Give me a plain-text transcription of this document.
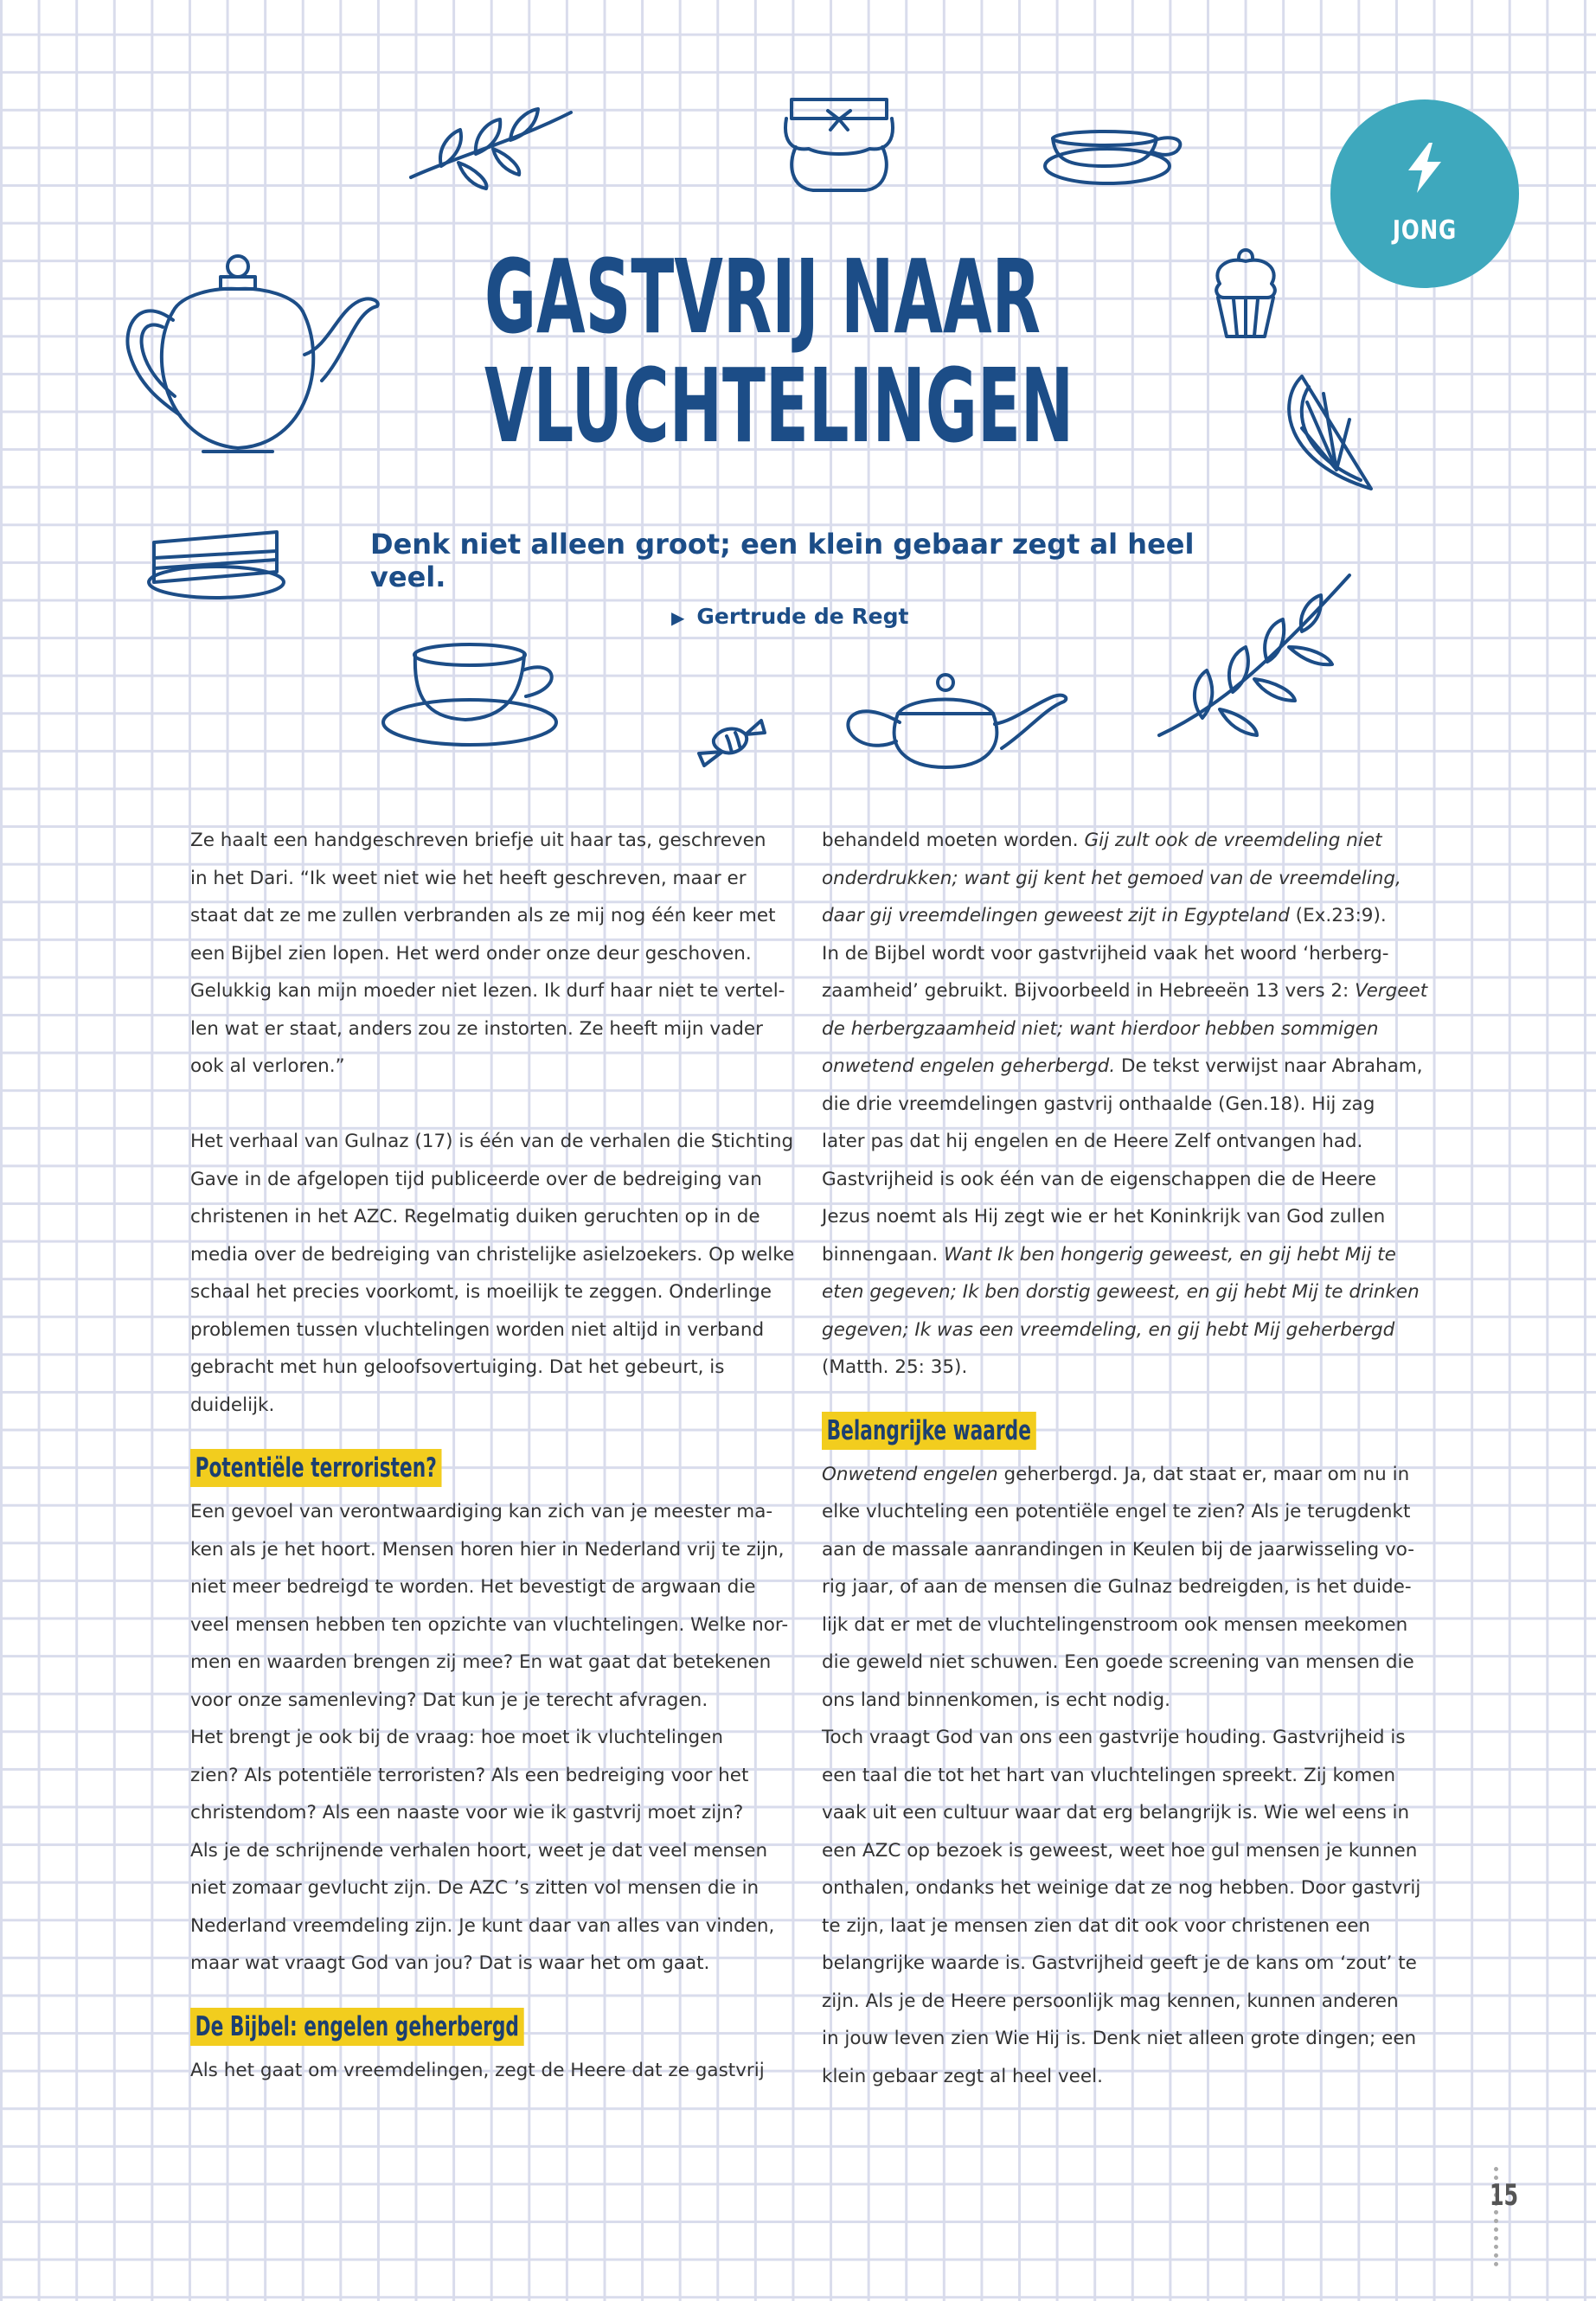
JONG
GASTVRIJ NAAR
VLUCHTELINGEN
Denk niet alleen groot; een klein gebaar zegt al heel veel.
▶ Gertrude de Regt
Ze haalt een handgeschreven briefje uit haar tas, geschreven
in het Dari. “Ik weet niet wie het heeft geschreven, maar er
staat dat ze me zullen verbranden als ze mij nog één keer met
een Bijbel zien lopen. Het werd onder onze deur geschoven.
Gelukkig kan mijn moeder niet lezen. Ik durf haar niet te vertel-
len wat er staat, anders zou ze instorten. Ze heeft mijn vader
ook al verloren.”
Het verhaal van Gulnaz (17) is één van de verhalen die Stichting
Gave in de afgelopen tijd publiceerde over de bedreiging van
christenen in het AZC. Regelmatig duiken geruchten op in de
media over de bedreiging van christelijke asielzoekers. Op welke
schaal het precies voorkomt, is moeilijk te zeggen. Onderlinge
problemen tussen vluchtelingen worden niet altijd in verband
gebracht met hun geloofsovertuiging. Dat het gebeurt, is
duidelijk.
Potentiële terroristen?
Een gevoel van verontwaardiging kan zich van je meester ma-
ken als je het hoort. Mensen horen hier in Nederland vrij te zijn,
niet meer bedreigd te worden. Het bevestigt de argwaan die
veel mensen hebben ten opzichte van vluchtelingen. Welke nor-
men en waarden brengen zij mee? En wat gaat dat betekenen
voor onze samenleving? Dat kun je je terecht afvragen.
Het brengt je ook bij de vraag: hoe moet ik vluchtelingen
zien? Als potentiële terroristen? Als een bedreiging voor het
christendom? Als een naaste voor wie ik gastvrij moet zijn?
Als je de schrijnende verhalen hoort, weet je dat veel mensen
niet zomaar gevlucht zijn. De AZC ’s zitten vol mensen die in
Nederland vreemdeling zijn. Je kunt daar van alles van vinden,
maar wat vraagt God van jou? Dat is waar het om gaat.
De Bijbel: engelen geherbergd
Als het gaat om vreemdelingen, zegt de Heere dat ze gastvrij
behandeld moeten worden. Gij zult ook de vreemdeling niet
onderdrukken; want gij kent het gemoed van de vreemdeling,
daar gij vreemdelingen geweest zijt in Egypteland (Ex.23:9).
In de Bijbel wordt voor gastvrijheid vaak het woord ‘herberg-
zaamheid’ gebruikt. Bijvoorbeeld in Hebreeën 13 vers 2: Vergeet
de herbergzaamheid niet; want hierdoor hebben sommigen
onwetend engelen geherbergd. De tekst verwijst naar Abraham,
die drie vreemdelingen gastvrij onthaalde (Gen.18). Hij zag
later pas dat hij engelen en de Heere Zelf ontvangen had.
Gastvrijheid is ook één van de eigenschappen die de Heere
Jezus noemt als Hij zegt wie er het Koninkrijk van God zullen
binnengaan. Want Ik ben hongerig geweest, en gij hebt Mij te
eten gegeven; Ik ben dorstig geweest, en gij hebt Mij te drinken
gegeven; Ik was een vreemdeling, en gij hebt Mij geherbergd
(Matth. 25: 35).
Belangrijke waarde
Onwetend engelen geherbergd. Ja, dat staat er, maar om nu in
elke vluchteling een potentiële engel te zien? Als je terugdenkt
aan de massale aanrandingen in Keulen bij de jaarwisseling vo-
rig jaar, of aan de mensen die Gulnaz bedreigden, is het duide-
lijk dat er met de vluchtelingenstroom ook mensen meekomen
die geweld niet schuwen. Een goede screening van mensen die
ons land binnenkomen, is echt nodig.
Toch vraagt God van ons een gastvrije houding. Gastvrijheid is
een taal die tot het hart van vluchtelingen spreekt. Zij komen
vaak uit een cultuur waar dat erg belangrijk is. Wie wel eens in
een AZC op bezoek is geweest, weet hoe gul mensen je kunnen
onthalen, ondanks het weinige dat ze nog hebben. Door gastvrij
te zijn, laat je mensen zien dat dit ook voor christenen een
belangrijke waarde is. Gastvrijheid geeft je de kans om ‘zout’ te
zijn. Als je de Heere persoonlijk mag kennen, kunnen anderen
in jouw leven zien Wie Hij is. Denk niet alleen grote dingen; een
klein gebaar zegt al heel veel.
15
